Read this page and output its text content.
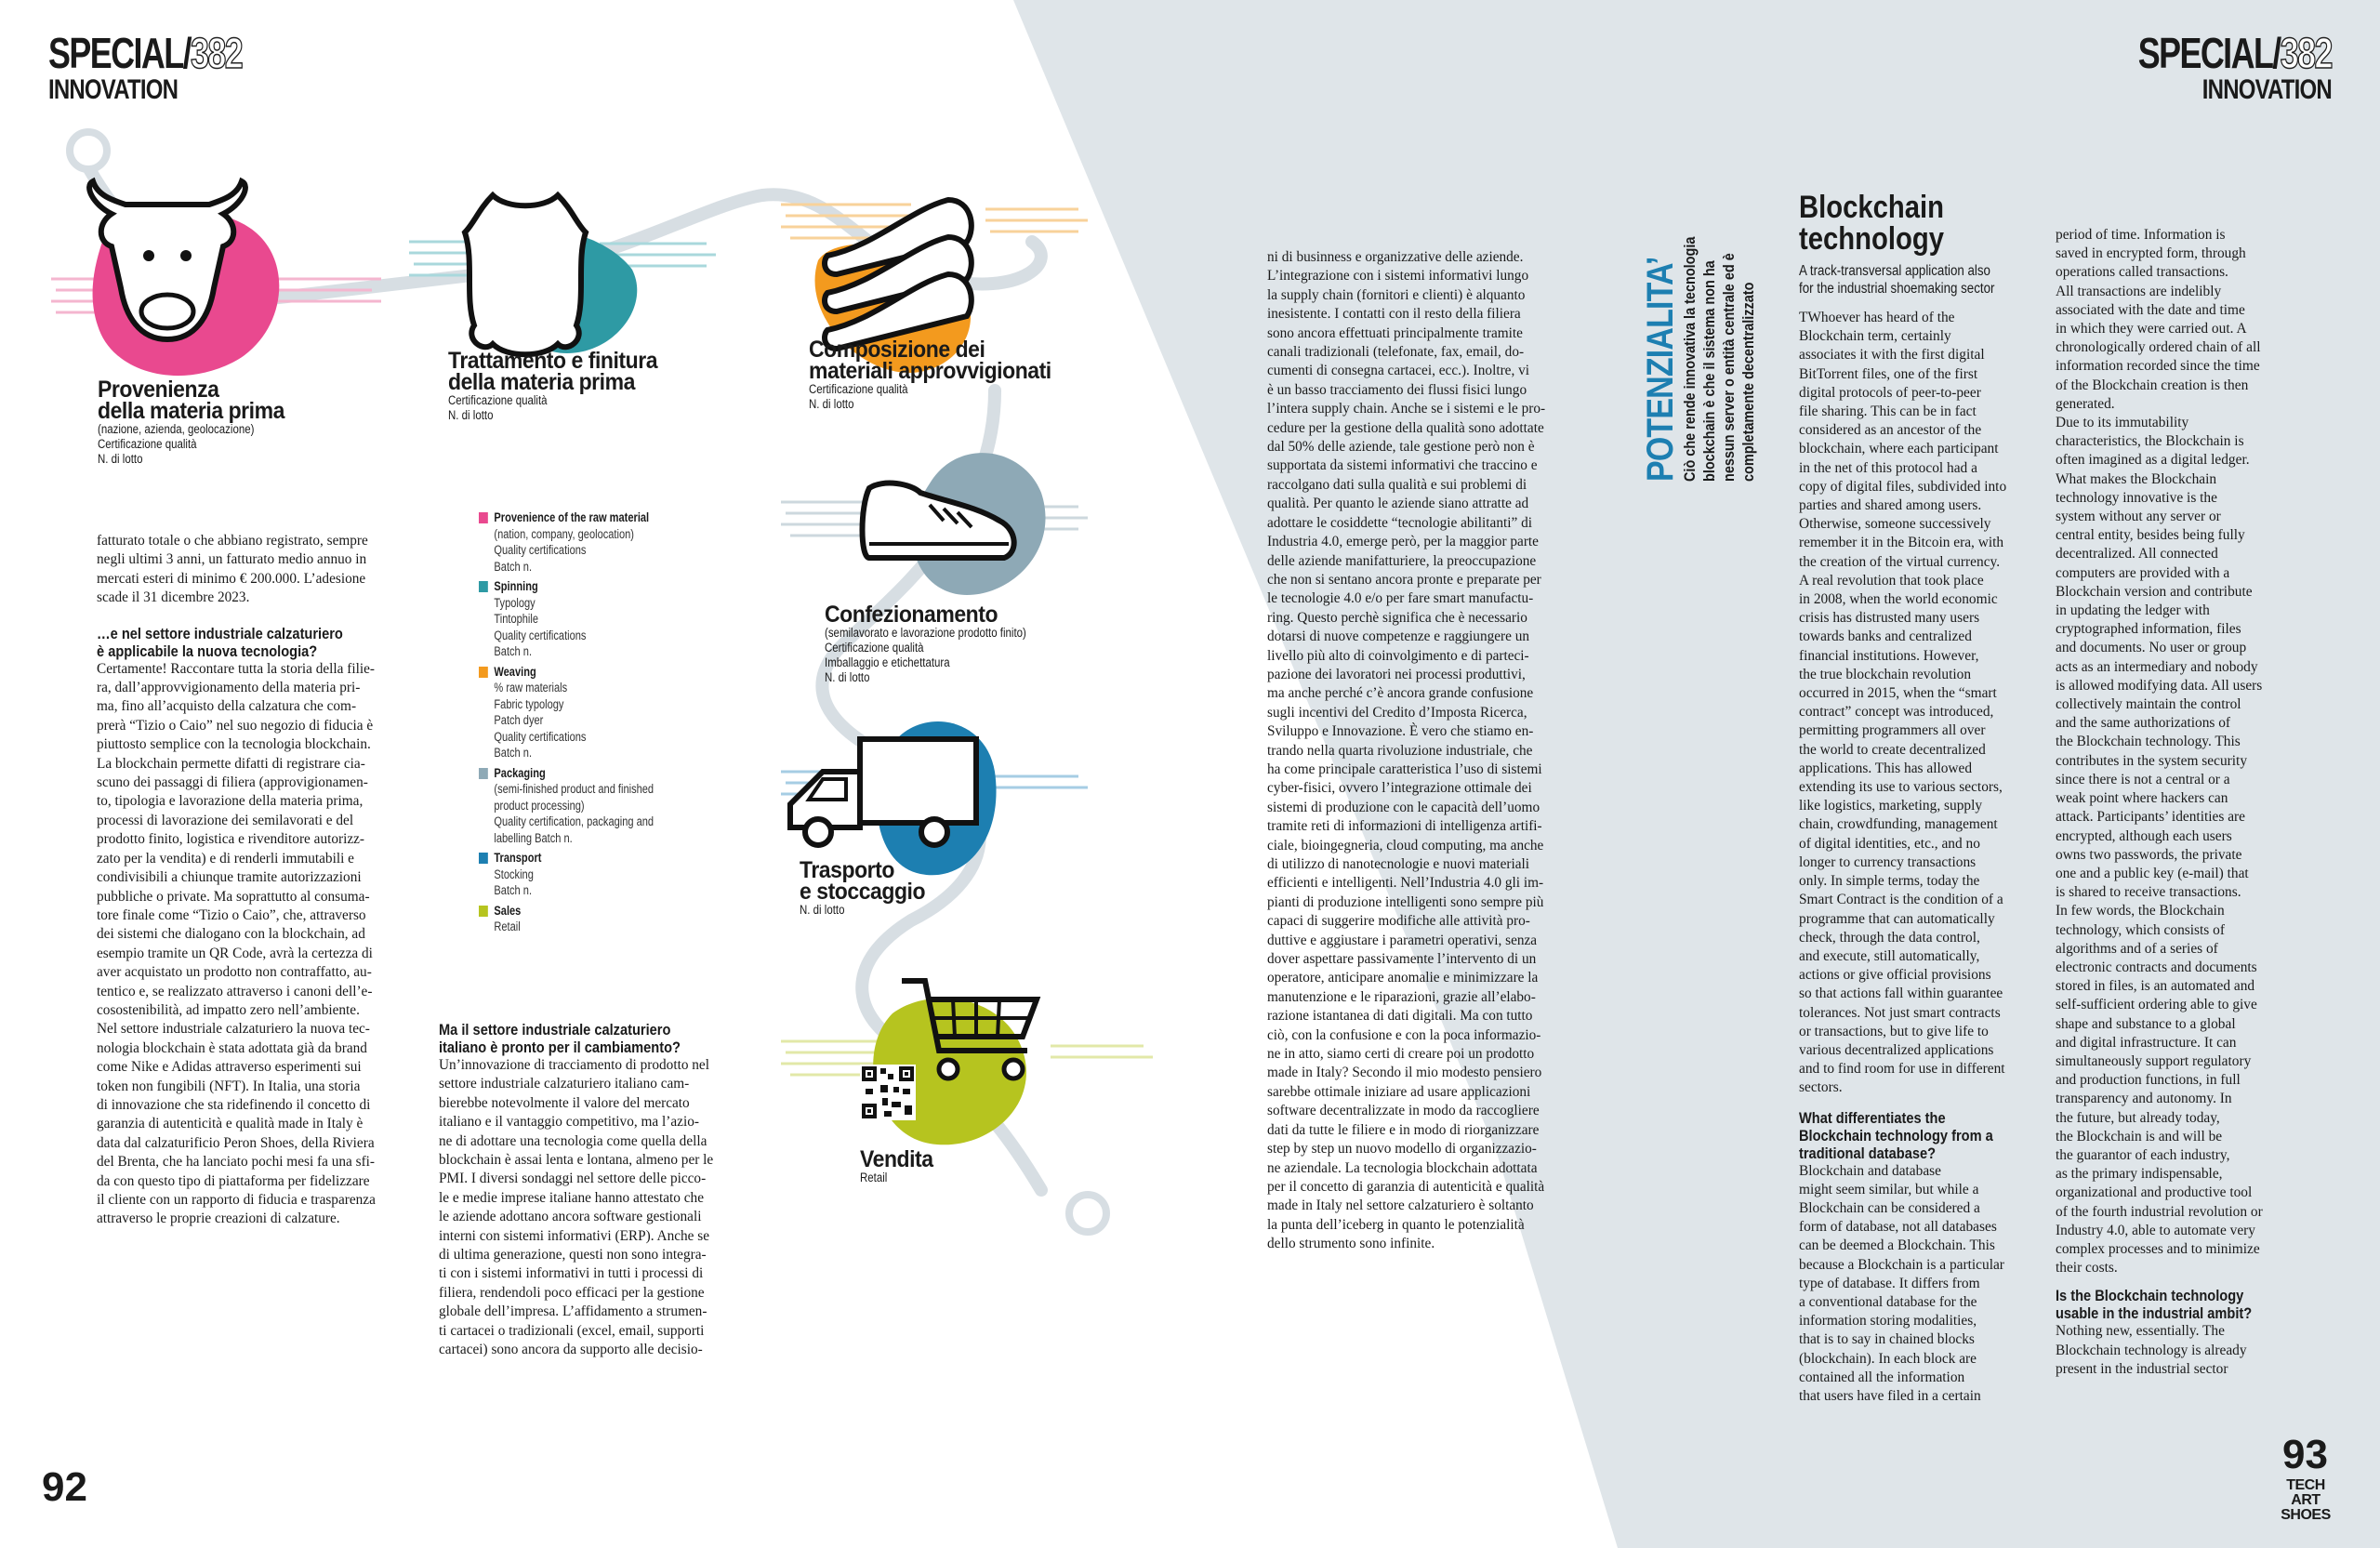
SPECIAL/382
INNOVATION
SPECIAL/382
INNOVATION
Provenienza
della materia prima
(nazione, azienda, geolocazione)
Certificazione qualità
N. di lotto
Trattamento e finitura
della materia prima
Certificazione qualità
N. di lotto
Composizione dei
materiali approvvigionati
Certificazione qualità
N. di lotto
Confezionamento
(semilavorato e lavorazione prodotto finito)
Certificazione qualità
Imballaggio e etichettatura
N. di lotto
Trasporto
e stoccaggio
N. di lotto
Vendita
Retail
Provenience of the raw material
(nation, company, geolocation)
Quality certifications
Batch n.
Spinning
Typology
Tintophile
Quality certifications
Batch n.
Weaving
% raw materials
Fabric typology
Patch dyer
Quality certifications
Batch n.
Packaging
(semi-finished product and finished
product processing)
Quality certification, packaging and
labelling Batch n.
Transport
Stocking
Batch n.
Sales
Retail
fatturato totale o che abbiano registrato, sempre
negli ultimi 3 anni, un fatturato medio annuo in
mercati esteri di minimo € 200.000. L’adesione
scade il 31 dicembre 2023.
…e nel settore industriale calzaturiero
è applicabile la nuova tecnologia?
Certamente! Raccontare tutta la storia della filie-
ra, dall’approvvigionamento della materia pri-
ma, fino all’acquisto della calzatura che com-
prerà “Tizio o Caio” nel suo negozio di fiducia è
piuttosto semplice con la tecnologia blockchain.
La blockchain permette difatti di registrare cia-
scuno dei passaggi di filiera (approvigionamen-
to, tipologia e lavorazione della materia prima,
processi di lavorazione dei semilavorati e del
prodotto finito, logistica e rivenditore autorizz-
zato per la vendita) e di renderli immutabili e
condivisibili a chiunque tramite autorizzazioni
pubbliche o private. Ma soprattutto al consuma-
tore finale come “Tizio o Caio”, che, attraverso
dei sistemi che dialogano con la blockchain, ad
esempio tramite un QR Code, avrà la certezza di
aver acquistato un prodotto non contraffatto, au-
tentico e, se realizzato attraverso i canoni dell’e-
cosostenibilità, ad impatto zero nell’ambiente.
Nel settore industriale calzaturiero la nuova tec-
nologia blockchain è stata adottata già da brand
come Nike e Adidas attraverso esperimenti sui
token non fungibili (NFT). In Italia, una storia
di innovazione che sta ridefinendo il concetto di
garanzia di autenticità e qualità made in Italy è
data dal calzaturificio Peron Shoes, della Riviera
del Brenta, che ha lanciato pochi mesi fa una sfi-
da con questo tipo di piattaforma per fidelizzare
il cliente con un rapporto di fiducia e trasparenza
attraverso le proprie creazioni di calzature.
Ma il settore industriale calzaturiero
italiano è pronto per il cambiamento?
Un’innovazione di tracciamento di prodotto nel
settore industriale calzaturiero italiano cam-
bierebbe notevolmente il valore del mercato
italiano e il vantaggio competitivo, ma l’azio-
ne di adottare una tecnologia come quella della
blockchain è assai lenta e lontana, almeno per le
PMI. I diversi sondaggi nel settore delle picco-
le e medie imprese italiane hanno attestato che
le aziende adottano ancora software gestionali
interni con sistemi informativi (ERP). Anche se
di ultima generazione, questi non sono integra-
ti con i sistemi informativi in tutti i processi di
filiera, rendendoli poco efficaci per la gestione
globale dell’impresa. L’affidamento a strumen-
ti cartacei o tradizionali (excel, email, supporti
cartacei) sono ancora da supporto alle decisio-
ni di businness e organizzative delle aziende.
L’integrazione con i sistemi informativi lungo
la supply chain (fornitori e clienti) è alquanto
inesistente. I contatti con il resto della filiera
sono ancora effettuati principalmente tramite
canali tradizionali (telefonate, fax, email, do-
cumenti di consegna cartacei, ecc.). Inoltre, vi
è un basso tracciamento dei flussi fisici lungo
l’intera supply chain. Anche se i sistemi e le pro-
cedure per la gestione della qualità sono adottate
dal 50% delle aziende, tale gestione però non è
supportata da sistemi informativi che traccino e
raccolgano dati sulla qualità e sui problemi di
qualità. Per quanto le aziende siano attratte ad
adottare le cosiddette “tecnologie abilitanti” di
Industria 4.0, emerge però, per la maggior parte
delle aziende manifatturiere, la preoccupazione
che non si sentano ancora pronte e preparate per
le tecnologie 4.0 e/o per fare smart manufactu-
ring. Questo perchè significa che è necessario
dotarsi di nuove competenze e raggiungere un
livello più alto di coinvolgimento e di parteci-
pazione dei lavoratori nei processi produttivi,
ma anche perché c’è ancora grande confusione
sugli incentivi del Credito d’Imposta Ricerca,
Sviluppo e Innovazione. È vero che stiamo en-
trando nella quarta rivoluzione industriale, che
ha come principale caratteristica l’uso di sistemi
cyber-fisici, ovvero l’integrazione ottimale dei
sistemi di produzione con le capacità dell’uomo
tramite reti di informazioni di intelligenza artifi-
ciale, bioingegneria, cloud computing, ma anche
di utilizzo di nanotecnologie e nuovi materiali
efficienti e intelligenti. Nell’Industria 4.0 gli im-
pianti di produzione intelligenti sono sempre più
capaci di suggerire modifiche alle attività pro-
duttive e aggiustare i parametri operativi, senza
dover aspettare passivamente l’intervento di un
operatore, anticipare anomalie e minimizzare la
manutenzione e le riparazioni, grazie all’elabo-
razione istantanea di dati digitali. Ma con tutto
ciò, con la confusione e con la poca informazio-
ne in atto, siamo certi di creare poi un prodotto
made in Italy? Secondo il mio modesto pensiero
sarebbe ottimale iniziare ad usare applicazioni
software decentralizzate in modo da raccogliere
dati da tutte le filiere e in modo di riorganizzare
step by step un nuovo modello di organizzazio-
ne aziendale. La tecnologia blockchain adottata
per il concetto di garanzia di autenticità e qualità
made in Italy nel settore calzaturiero è soltanto
la punta dell’iceberg in quanto le potenzialità
dello strumento sono infinite.
POTENZIALITA’ Ciò che rende innovativa la tecnologia blockchain è che il sistema non ha nessun server o entità centrale ed è completamente decentralizzato
Blockchain
technology
A track-transversal application also
for the industrial shoemaking sector
TWhoever has heard of the
Blockchain term, certainly
associates it with the first digital
BitTorrent files, one of the first
digital protocols of peer-to-peer
file sharing. This can be in fact
considered as an ancestor of the
blockchain, where each participant
in the net of this protocol had a
copy of digital files, subdivided into
parties and shared among users.
Otherwise, someone successively
remember it in the Bitcoin era, with
the creation of the virtual currency.
A real revolution that took place
in 2008, when the world economic
crisis has distrusted many users
towards banks and centralized
financial institutions. However,
the true blockchain revolution
occurred in 2015, when the “smart
contract” concept was introduced,
permitting programmers all over
the world to create decentralized
applications. This has allowed
extending its use to various sectors,
like logistics, marketing, supply
chain, crowdfunding, management
of digital identities, etc., and no
longer to currency transactions
only. In simple terms, today the
Smart Contract is the condition of a
programme that can automatically
check, through the data control,
and execute, still automatically,
actions or give official provisions
so that actions fall within guarantee
tolerances. Not just smart contracts
or transactions, but to give life to
various decentralized applications
and to find room for use in different
sectors.
What differentiates the
Blockchain technology from a
traditional database?
Blockchain and database
might seem similar, but while a
Blockchain can be considered a
form of database, not all databases
can be deemed a Blockchain. This
because a Blockchain is a particular
type of database. It differs from
a conventional database for the
information storing modalities,
that is to say in chained blocks
(blockchain). In each block are
contained all the information
that users have filed in a certain
period of time. Information is
saved in encrypted form, through
operations called transactions.
All transactions are indelibly
associated with the date and time
in which they were carried out. A
chronologically ordered chain of all
information recorded since the time
of the Blockchain creation is then
generated.
Due to its immutability
characteristics, the Blockchain is
often imagined as a digital ledger.
What makes the Blockchain
technology innovative is the
system without any server or
central entity, besides being fully
decentralized. All connected
computers are provided with a
Blockchain version and contribute
in updating the ledger with
cryptographed information, files
and documents. No user or group
acts as an intermediary and nobody
is allowed modifying data. All users
collectively maintain the control
and the same authorizations of
the Blockchain technology. This
contributes in the system security
since there is not a central or a
weak point where hackers can
attack. Participants’ identities are
encrypted, although each users
owns two passwords, the private
one and a public key (e-mail) that
is shared to receive transactions.
In few words, the Blockchain
technology, which consists of
algorithms and of a series of
electronic contracts and documents
stored in files, is an automated and
self-sufficient ordering able to give
shape and substance to a global
and digital infrastructure. It can
simultaneously support regulatory
and production functions, in full
transparency and autonomy. In
the future, but already today,
the Blockchain is and will be
the guarantor of each industry,
as the primary indispensable,
organizational and productive tool
of the fourth industrial revolution or
Industry 4.0, able to automate very
complex processes and to minimize
their costs.
Is the Blockchain technology
usable in the industrial ambit?
Nothing new, essentially. The
Blockchain technology is already
present in the industrial sector
92
93
TECH
ART
SHOES
